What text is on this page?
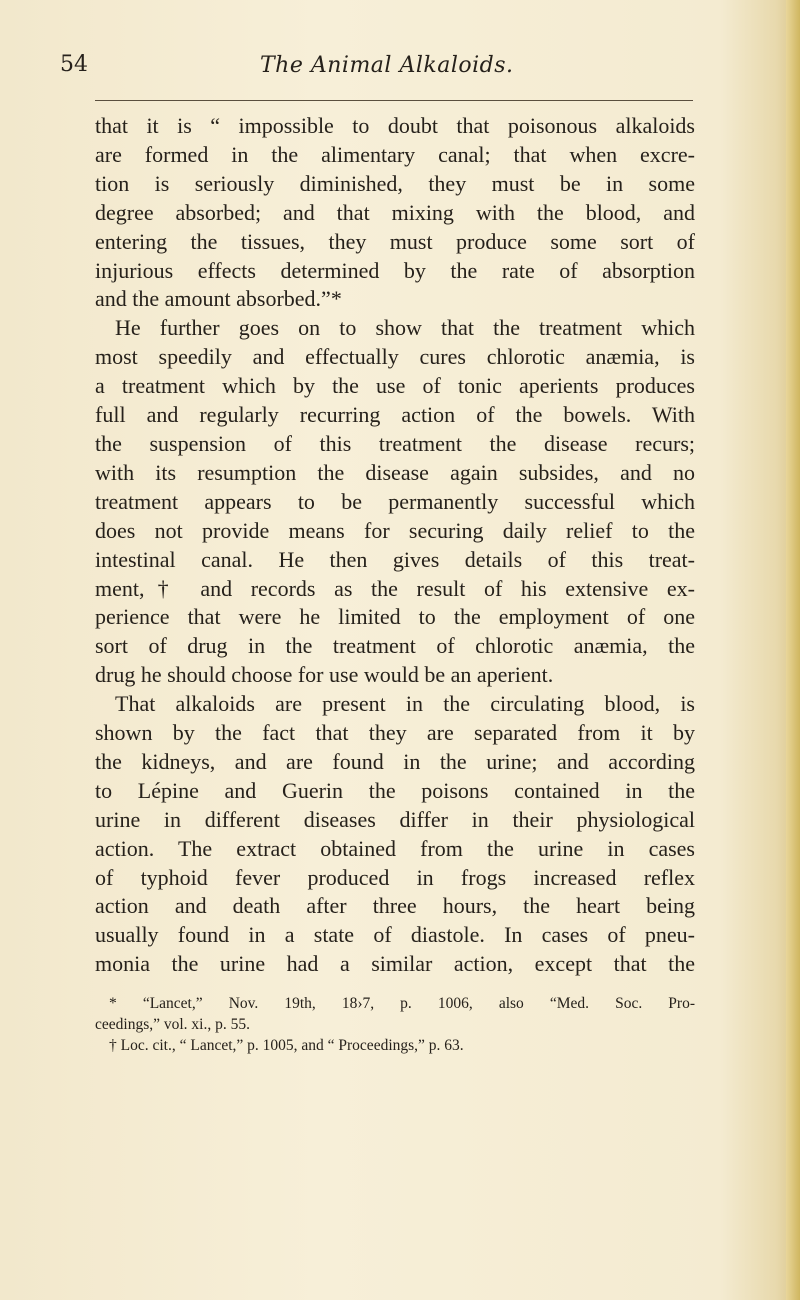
54	The Animal Alkaloids.
that it is “ impossible to doubt that poisonous alkaloids
are formed in the alimentary canal; that when excre-
tion is seriously diminished, they must be in some
degree absorbed; and that mixing with the blood, and
entering the tissues, they must produce some sort of
injurious effects determined by the rate of absorption
and the amount absorbed.”*
He further goes on to show that the treatment which
most speedily and effectually cures chlorotic anæmia, is
a treatment which by the use of tonic aperients produces
full and regularly recurring action of the bowels. With
the suspension of this treatment the disease recurs;
with its resumption the disease again subsides, and no
treatment appears to be permanently successful which
does not provide means for securing daily relief to the
intestinal canal. He then gives details of this treat-
ment,† and records as the result of his extensive ex-
perience that were he limited to the employment of one
sort of drug in the treatment of chlorotic anæmia, the
drug he should choose for use would be an aperient.
That alkaloids are present in the circulating blood, is
shown by the fact that they are separated from it by
the kidneys, and are found in the urine; and according
to Lépine and Guerin the poisons contained in the
urine in different diseases differ in their physiological
action. The extract obtained from the urine in cases
of typhoid fever produced in frogs increased reflex
action and death after three hours, the heart being
usually found in a state of diastole. In cases of pneu-
monia the urine had a similar action, except that the
* “Lancet,” Nov. 19th, 18›7, p. 1006, also “Med. Soc. Pro-
ceedings,” vol. xi., p. 55.
† Loc. cit., “ Lancet,” p. 1005, and “ Proceedings,” p. 63.
